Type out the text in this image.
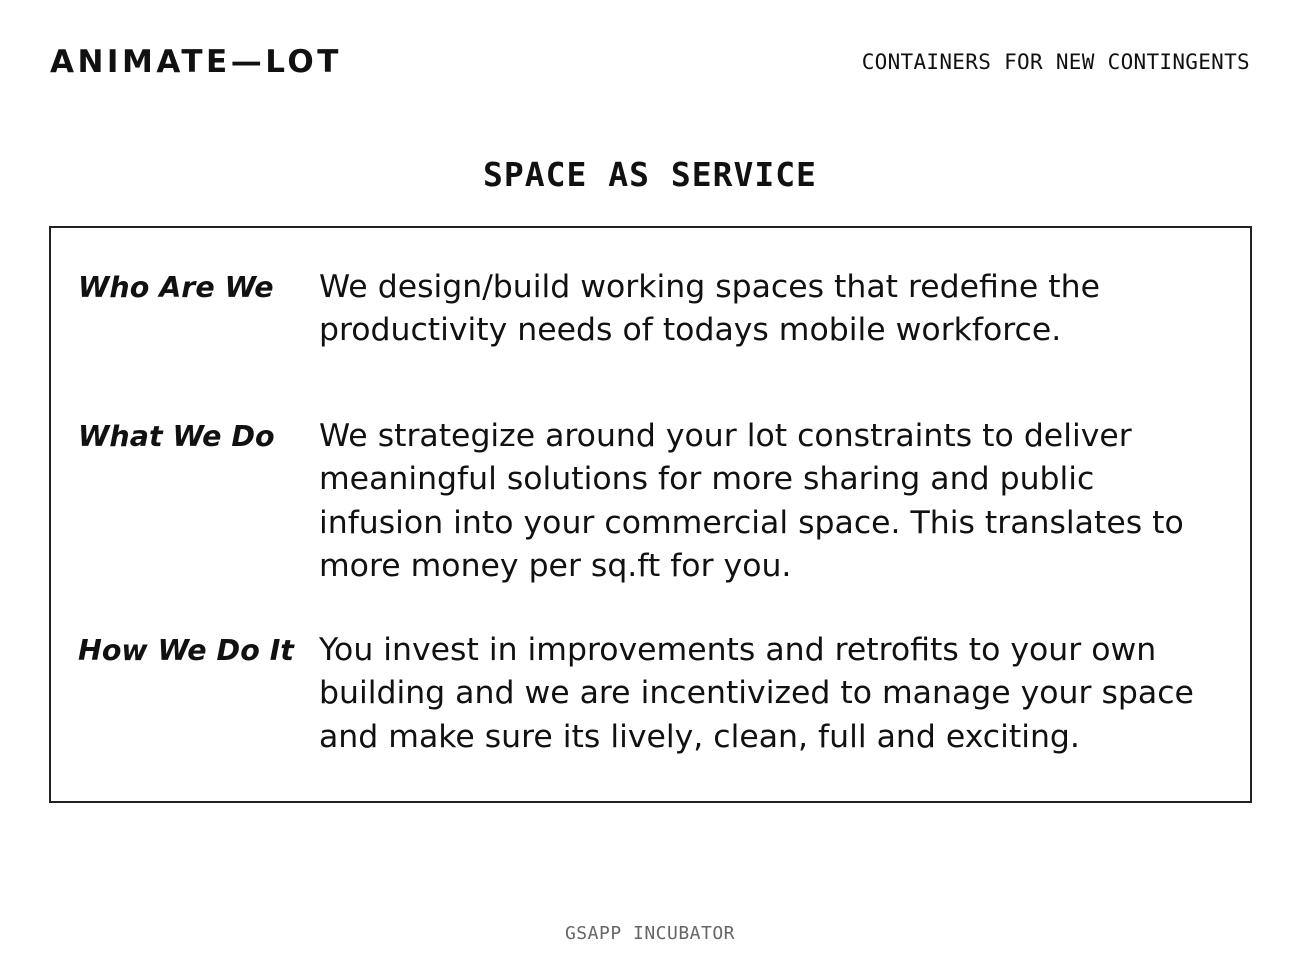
ANIMATE—LOT	CONTAINERS FOR NEW CONTINGENTS
SPACE AS SERVICE
Who Are We We design/build working spaces that redefine the
productivity needs of todays mobile workforce.
What We Do We strategize around your lot constraints to deliver
meaningful solutions for more sharing and public
infusion into your commercial space. This translates to
more money per sq.ft for you.
How We Do It You invest in improvements and retrofits to your own
building and we are incentivized to manage your space
and make sure its lively, clean, full and exciting.
GSAPP INCUBATOR
